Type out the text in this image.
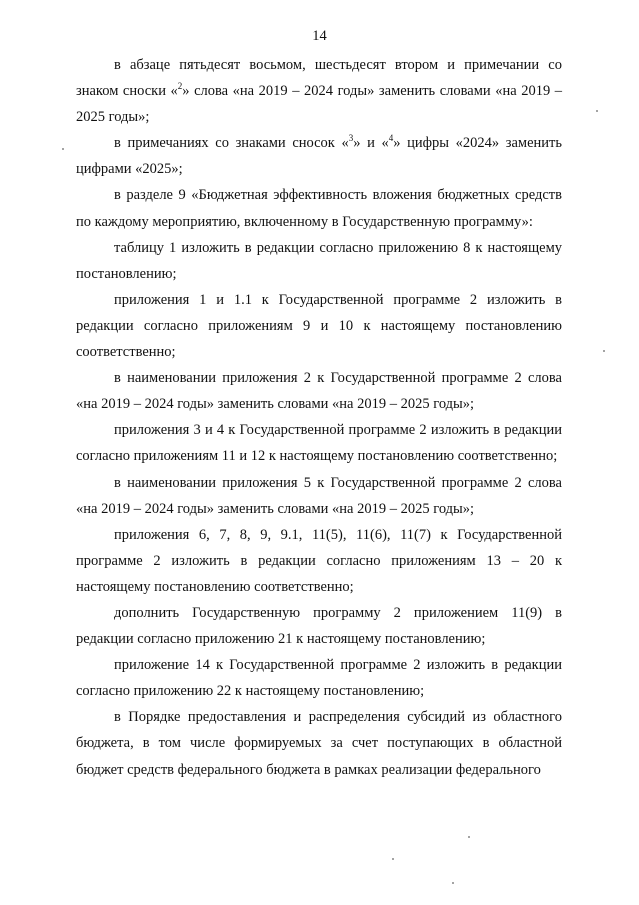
14

в абзаце пятьдесят восьмом, шестьдесят втором и примечании со знаком сноски «$^2$» слова «на 2019 – 2024 годы» заменить словами «на 2019 – 2025 годы»;

в примечаниях со знаками сносок «$^3$» и «$^4$» цифры «2024» заменить цифрами «2025»;

в разделе 9 «Бюджетная эффективность вложения бюджетных средств по каждому мероприятию, включенному в Государственную программу»:

таблицу 1 изложить в редакции согласно приложению 8 к настоящему постановлению;

приложения 1 и 1.1 к Государственной программе 2 изложить в редакции согласно приложениям 9 и 10 к настоящему постановлению соответственно;

в наименовании приложения 2 к Государственной программе 2 слова «на 2019 – 2024 годы» заменить словами «на 2019 – 2025 годы»;

приложения 3 и 4 к Государственной программе 2 изложить в редакции согласно приложениям 11 и 12 к настоящему постановлению соответственно;

в наименовании приложения 5 к Государственной программе 2 слова «на 2019 – 2024 годы» заменить словами «на 2019 – 2025 годы»;

приложения 6, 7, 8, 9, 9.1, 11(5), 11(6), 11(7) к Государственной программе 2 изложить в редакции согласно приложениям 13 – 20 к настоящему постановлению соответственно;

дополнить Государственную программу 2 приложением 11(9) в редакции согласно приложению 21 к настоящему постановлению;

приложение 14 к Государственной программе 2 изложить в редакции согласно приложению 22 к настоящему постановлению;

в Порядке предоставления и распределения субсидий из областного бюджета, в том числе формируемых за счет поступающих в областной бюджет средств федерального бюджета в рамках реализации федерального
